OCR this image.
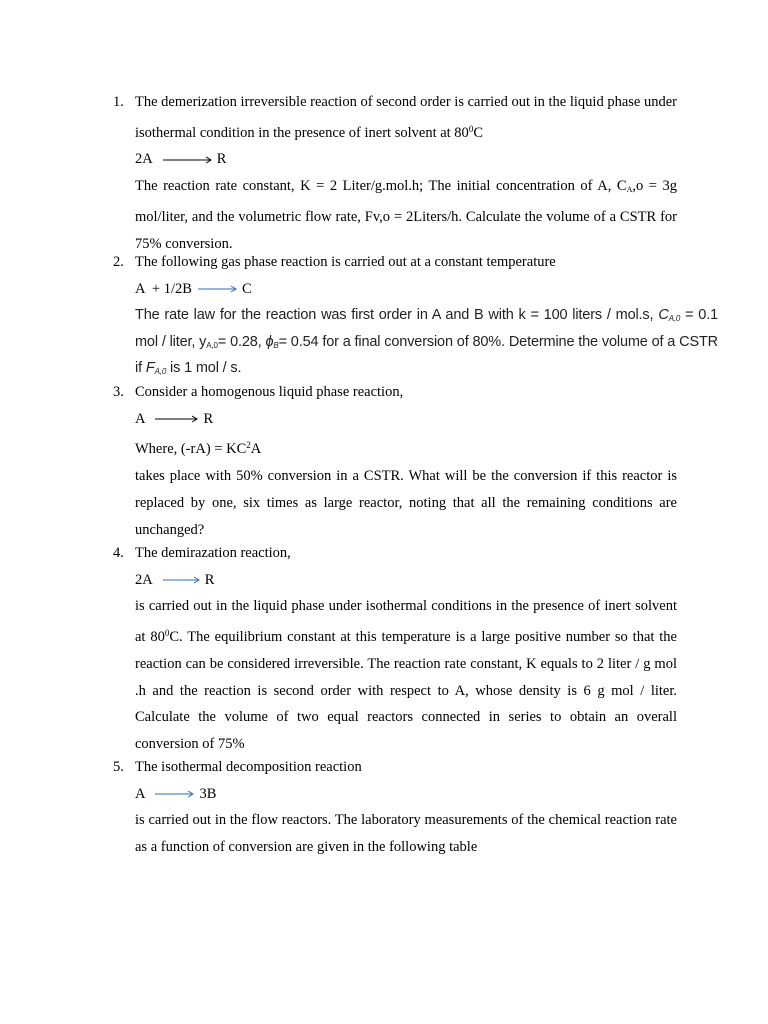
1. The demerization irreversible reaction of second order is carried out in the liquid phase under isothermal condition in the presence of inert solvent at $80^0C$
2A → R
The reaction rate constant, K = 2 Liter/g.mol.h; The initial concentration of A, $C_A,o = 3g$ mol/liter, and the volumetric flow rate, Fv,o = 2Liters/h. Calculate the volume of a CSTR for 75% conversion.
2. The following gas phase reaction is carried out at a constant temperature
A  + 1/2B → C
The rate law for the reaction was first order in A and B with k = 100 liters / mol.s, $C_{A,0} = 0.1$ mol / liter, $y_{A,0}= 0.28$, $\phi_B= 0.54$ for a final conversion of 80%. Determine the volume of a CSTR if $F_{A,0}$ is 1 mol / s.
3. Consider a homogenous liquid phase reaction,
A → R
Where, $(-rA) = KC^2A$
takes place with 50% conversion in a CSTR. What will be the conversion if this reactor is replaced by one, six times as large reactor, noting that all the remaining conditions are unchanged?
4. The demirazation reaction,
2A → R
is carried out in the liquid phase under isothermal conditions in the presence of inert solvent at $80^0C$. The equilibrium constant at this temperature is a large positive number so that the reaction can be considered irreversible. The reaction rate constant, K equals to 2 liter / g mol .h and the reaction is second order with respect to A, whose density is 6 g mol / liter. Calculate the volume of two equal reactors connected in series to obtain an overall conversion of 75%
5. The isothermal decomposition reaction
A → 3B
is carried out in the flow reactors. The laboratory measurements of the chemical reaction rate as a function of conversion are given in the following table
